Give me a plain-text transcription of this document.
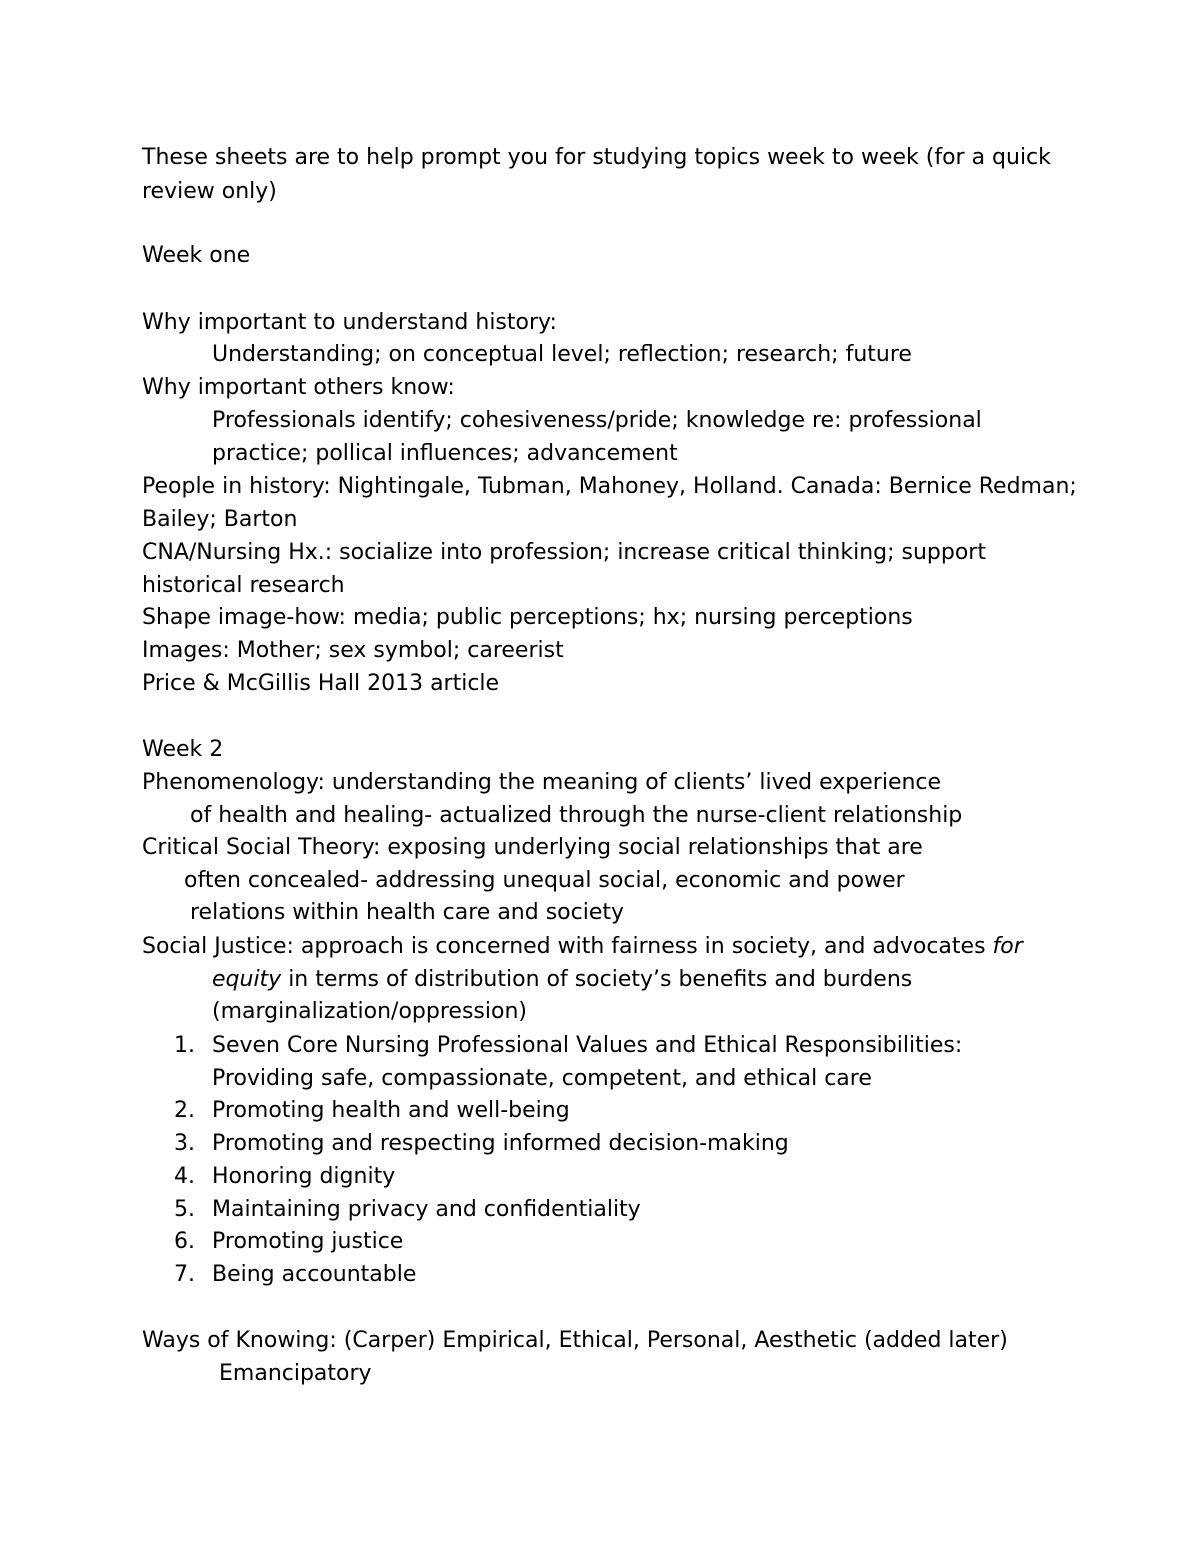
These sheets are to help prompt you for studying topics week to week (for a quick
review only)
Week one
Why important to understand history:
Understanding; on conceptual level; reflection; research; future
Why important others know:
Professionals identify; cohesiveness/pride; knowledge re: professional
practice; pollical influences; advancement
People in history: Nightingale, Tubman, Mahoney, Holland. Canada: Bernice Redman;
Bailey; Barton
CNA/Nursing Hx.: socialize into profession; increase critical thinking; support
historical research
Shape image-how: media; public perceptions; hx; nursing perceptions
Images: Mother; sex symbol; careerist
Price & McGillis Hall 2013 article
Week 2
Phenomenology: understanding the meaning of clients’ lived experience
of health and healing- actualized through the nurse-client relationship
Critical Social Theory: exposing underlying social relationships that are
often concealed- addressing unequal social, economic and power
relations within health care and society
Social Justice: approach is concerned with fairness in society, and advocates for
equity in terms of distribution of society’s benefits and burdens
(marginalization/oppression)
1. Seven Core Nursing Professional Values and Ethical Responsibilities:
Providing safe, compassionate, competent, and ethical care
2. Promoting health and well-being
3. Promoting and respecting informed decision-making
4. Honoring dignity
5. Maintaining privacy and confidentiality
6. Promoting justice
7. Being accountable
Ways of Knowing: (Carper) Empirical, Ethical, Personal, Aesthetic (added later)
Emancipatory
